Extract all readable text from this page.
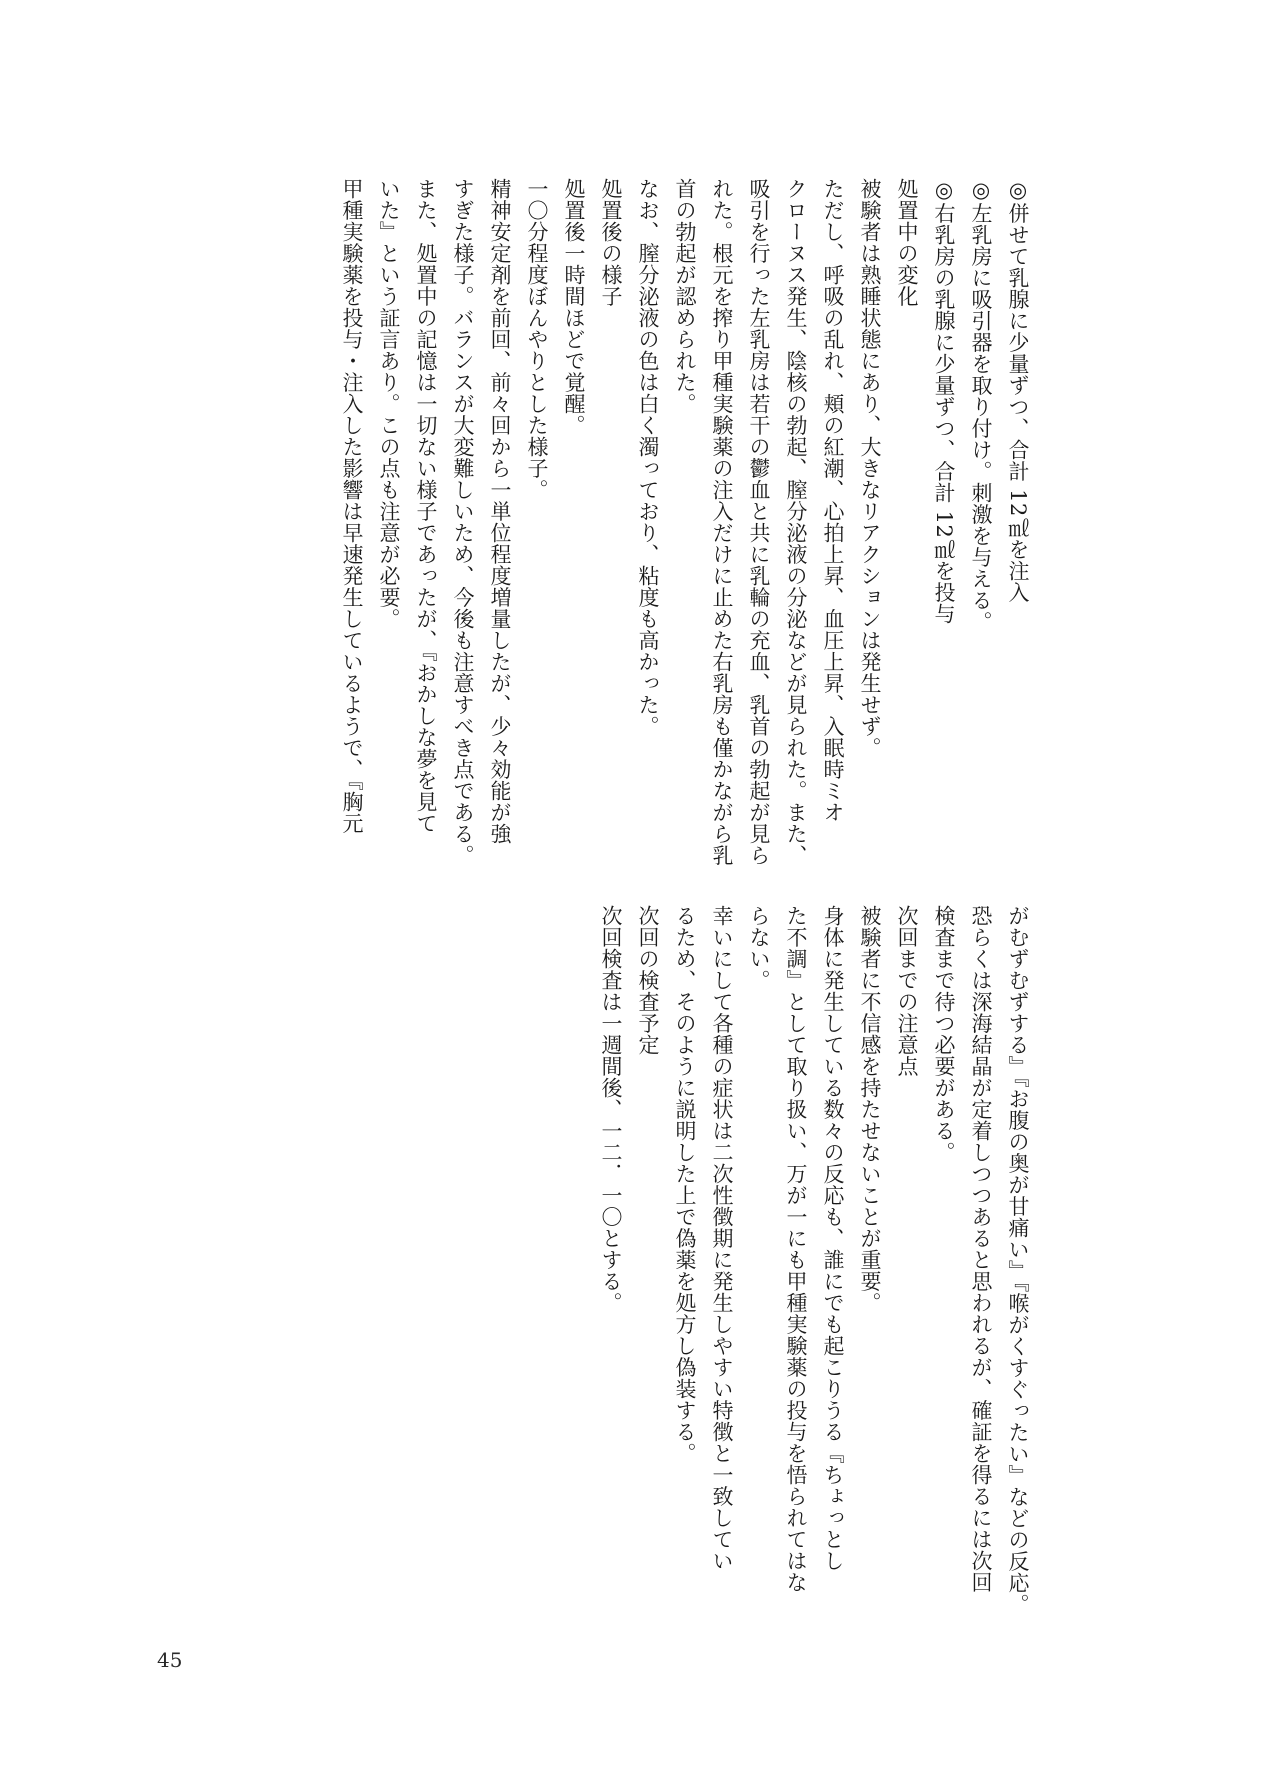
◎併せて乳腺に少量ずつ、合計 12㎖を注入
◎左乳房に吸引器を取り付け。刺激を与える。
◎右乳房の乳腺に少量ずつ、合計 12㎖を投与
処置中の変化
被験者は熟睡状態にあり、大きなリアクションは発生せず。
ただし、呼吸の乱れ、頬の紅潮、心拍上昇、血圧上昇、入眠時ミオ
クローヌス発生、陰核の勃起、膣分泌液の分泌などが見られた。また、
吸引を行った左乳房は若干の鬱血と共に乳輪の充血、乳首の勃起が見ら
れた。根元を搾り甲種実験薬の注入だけに止めた右乳房も僅かながら乳
首の勃起が認められた。
なお、膣分泌液の色は白く濁っており、粘度も高かった。
処置後の様子
処置後一時間ほどで覚醒。
一〇分程度ぼんやりとした様子。
精神安定剤を前回、前々回から一単位程度増量したが、少々効能が強
すぎた様子。バランスが大変難しいため、今後も注意すべき点である。
また、処置中の記憶は一切ない様子であったが、『おかしな夢を見て
いた』という証言あり。この点も注意が必要。
甲種実験薬を投与・注入した影響は早速発生しているようで、『胸元

がむずむずする』『お腹の奥が甘痛い』『喉がくすぐったい』などの反応。
恐らくは深海結晶が定着しつつあると思われるが、確証を得るには次回
検査まで待つ必要がある。
次回までの注意点
被験者に不信感を持たせないことが重要。
身体に発生している数々の反応も、誰にでも起こりうる『ちょっとし
た不調』として取り扱い、万が一にも甲種実験薬の投与を悟られてはな
らない。
幸いにして各種の症状は二次性徴期に発生しやすい特徴と一致してい
るため、そのように説明した上で偽薬を処方し偽装する。
次回の検査予定
次回検査は一週間後、一二．一〇とする。

45
